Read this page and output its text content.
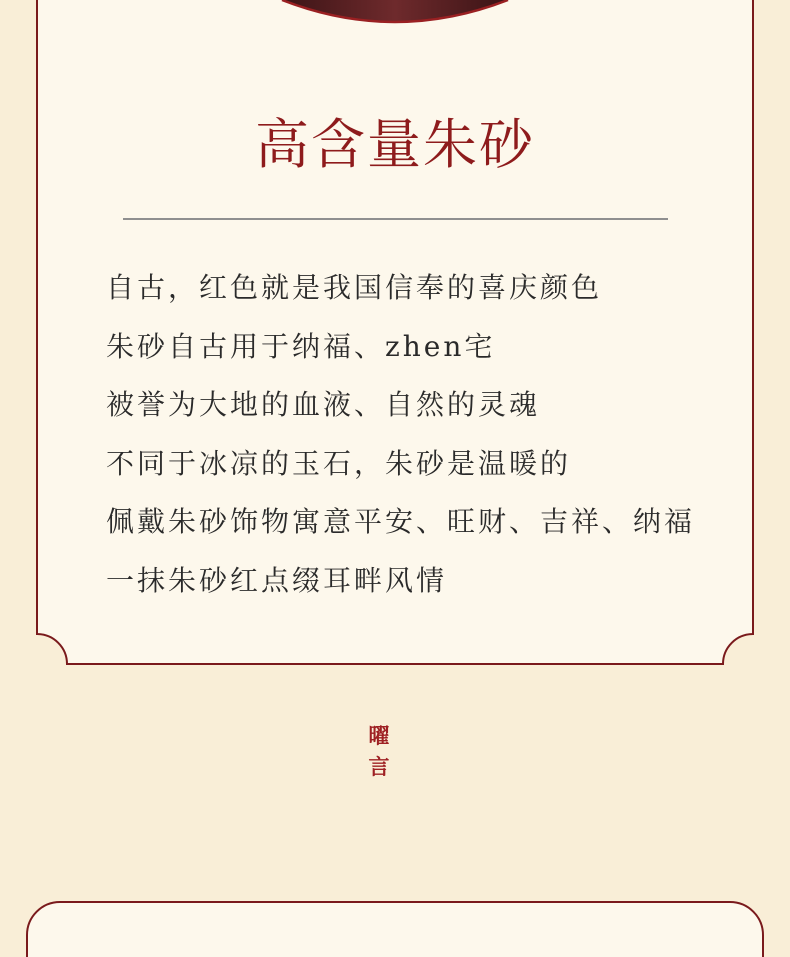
高含量朱砂
自古，红色就是我国信奉的喜庆颜色
朱砂自古用于纳福、zhen宅
被誉为大地的血液、自然的灵魂
不同于冰凉的玉石，朱砂是温暖的
佩戴朱砂饰物寓意平安、旺财、吉祥、纳福
一抹朱砂红点缀耳畔风情
曜
言
